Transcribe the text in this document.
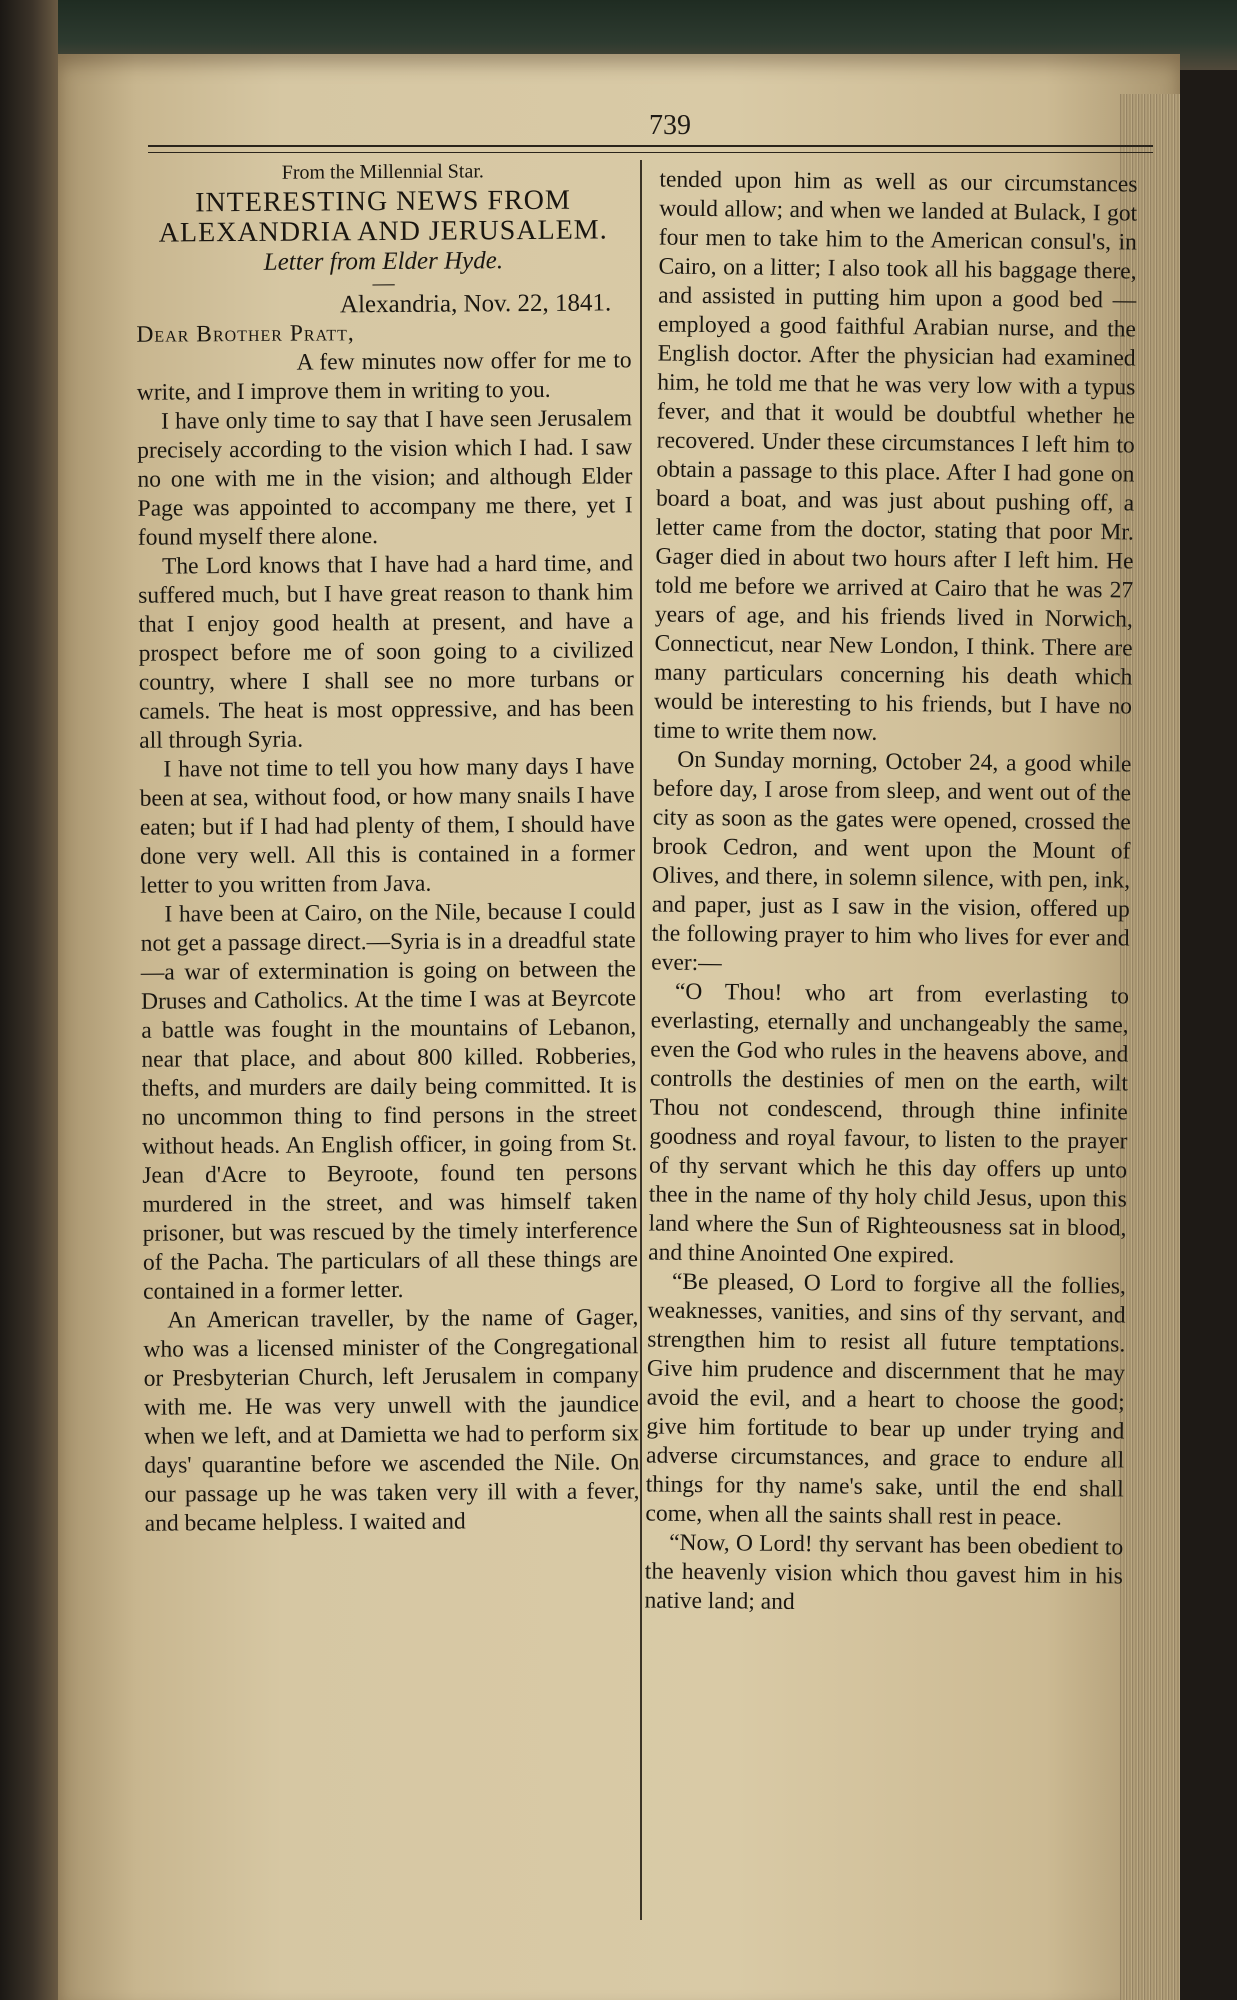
739

From the Millennial Star.

INTERESTING NEWS FROM ALEXANDRIA AND JERUSALEM.

Letter from Elder Hyde.

—

Alexandria, Nov. 22, 1841.

Dear Brother Pratt,

A few minutes now offer for me to write, and I improve them in writing to you.

I have only time to say that I have seen Jerusalem precisely according to the vision which I had. I saw no one with me in the vision; and although Elder Page was appointed to accompany me there, yet I found myself there alone.

The Lord knows that I have had a hard time, and suffered much, but I have great reason to thank him that I enjoy good health at present, and have a prospect before me of soon going to a civilized country, where I shall see no more turbans or camels. The heat is most oppressive, and has been all through Syria.

I have not time to tell you how many days I have been at sea, without food, or how many snails I have eaten; but if I had had plenty of them, I should have done very well. All this is contained in a former letter to you written from Java.

I have been at Cairo, on the Nile, because I could not get a passage direct.—Syria is in a dreadful state—a war of extermination is going on between the Druses and Catholics. At the time I was at Beyrcote a battle was fought in the mountains of Lebanon, near that place, and about 800 killed. Robberies, thefts, and murders are daily being committed. It is no uncommon thing to find persons in the street without heads. An English officer, in going from St. Jean d'Acre to Beyroote, found ten persons murdered in the street, and was himself taken prisoner, but was rescued by the timely interference of the Pacha. The particulars of all these things are contained in a former letter.

An American traveller, by the name of Gager, who was a licensed minister of the Congregational or Presbyterian Church, left Jerusalem in company with me. He was very unwell with the jaundice when we left, and at Damietta we had to perform six days' quarantine before we ascended the Nile. On our passage up he was taken very ill with a fever, and became helpless. I waited and

tended upon him as well as our circumstances would allow; and when we landed at Bulack, I got four men to take him to the American consul's, in Cairo, on a litter; I also took all his baggage there, and assisted in putting him upon a good bed —employed a good faithful Arabian nurse, and the English doctor. After the physician had examined him, he told me that he was very low with a typus fever, and that it would be doubtful whether he recovered. Under these circumstances I left him to obtain a passage to this place. After I had gone on board a boat, and was just about pushing off, a letter came from the doctor, stating that poor Mr. Gager died in about two hours after I left him. He told me before we arrived at Cairo that he was 27 years of age, and his friends lived in Norwich, Connecticut, near New London, I think. There are many particulars concerning his death which would be interesting to his friends, but I have no time to write them now.

On Sunday morning, October 24, a good while before day, I arose from sleep, and went out of the city as soon as the gates were opened, crossed the brook Cedron, and went upon the Mount of Olives, and there, in solemn silence, with pen, ink, and paper, just as I saw in the vision, offered up the following prayer to him who lives for ever and ever:—

“O Thou! who art from everlasting to everlasting, eternally and unchangeably the same, even the God who rules in the heavens above, and controlls the destinies of men on the earth, wilt Thou not condescend, through thine infinite goodness and royal favour, to listen to the prayer of thy servant which he this day offers up unto thee in the name of thy holy child Jesus, upon this land where the Sun of Righteousness sat in blood, and thine Anointed One expired.

“Be pleased, O Lord to forgive all the follies, weaknesses, vanities, and sins of thy servant, and strengthen him to resist all future temptations. Give him prudence and discernment that he may avoid the evil, and a heart to choose the good; give him fortitude to bear up under trying and adverse circumstances, and grace to endure all things for thy name's sake, until the end shall come, when all the saints shall rest in peace.

“Now, O Lord! thy servant has been obedient to the heavenly vision which thou gavest him in his native land; and
